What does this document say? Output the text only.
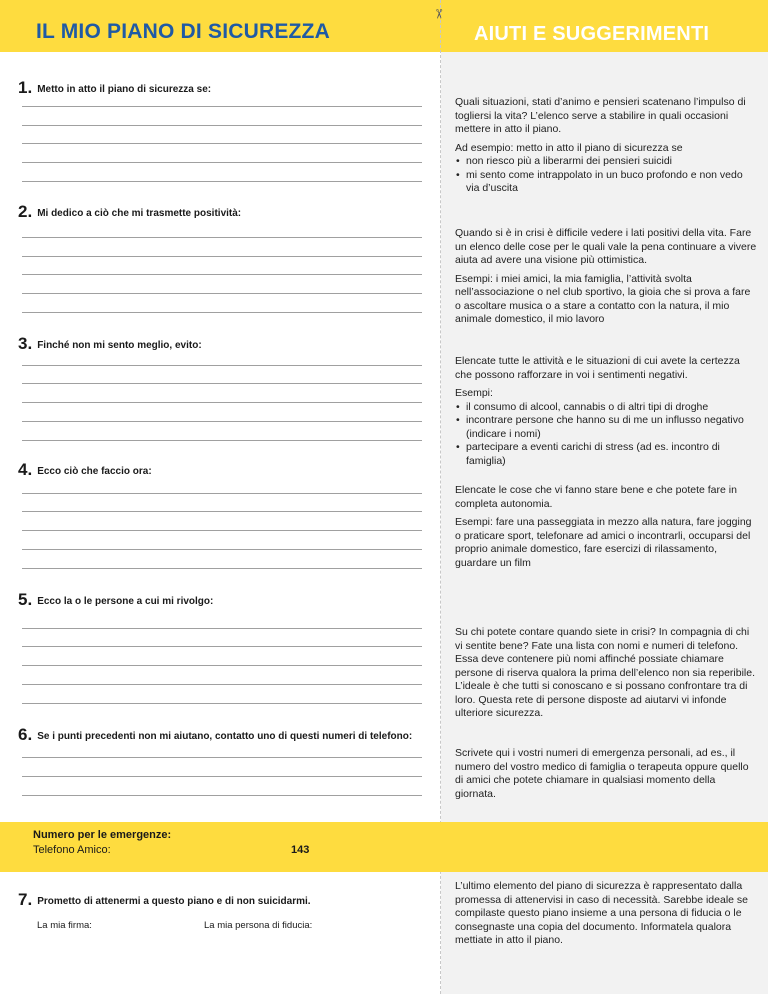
IL MIO PIANO DI SICUREZZA	AIUTI E SUGGERIMENTI
✂
1. Metto in atto il piano di sicurezza se:
2. Mi dedico a ciò che mi trasmette positività:
3. Finché non mi sento meglio, evito:
4. Ecco ciò che faccio ora:
5. Ecco la o le persone a cui mi rivolgo:
6. Se i punti precedenti non mi aiutano, contatto uno di questi numeri di telefono:
Numero per le emergenze:
Telefono Amico:	143
7. Prometto di attenermi a questo piano e di non suicidarmi.
La mia firma:	La mia persona di fiducia:

Quali situazioni, stati d’animo e pensieri scatenano l’impulso di togliersi la vita? L’elenco serve a stabilire in quali occasioni mettere in atto il piano.

Ad esempio: metto in atto il piano di sicurezza se

• non riesco più a liberarmi dei pensieri suicidi
• mi sento come intrappolato in un buco profondo e non vedo via d’uscita

Quando si è in crisi è difficile vedere i lati positivi della vita. Fare un elenco delle cose per le quali vale la pena continuare a vivere aiuta ad avere una visione più ottimistica.

Esempi: i miei amici, la mia famiglia, l’attività svolta nell’associazione o nel club sportivo, la gioia che si prova a fare o ascoltare musica o a stare a contatto con la natura, il mio animale domestico, il mio lavoro

Elencate tutte le attività e le situazioni di cui avete la certezza che possono rafforzare in voi i sentimenti negativi.

Esempi:

• il consumo di alcool, cannabis o di altri tipi di droghe
• incontrare persone che hanno su di me un influsso negativo (indicare i nomi)
• partecipare a eventi carichi di stress (ad es. incontro di famiglia)

Elencate le cose che vi fanno stare bene e che potete fare in completa autonomia.

Esempi: fare una passeggiata in mezzo alla natura, fare jogging o praticare sport, telefonare ad amici o incontrarli, occuparsi del proprio animale domestico, fare esercizi di rilassamento, guardare un film

Su chi potete contare quando siete in crisi? In compagnia di chi vi sentite bene? Fate una lista con nomi e numeri di telefono. Essa deve contenere più nomi affinché possiate chiamare persone di riserva qualora la prima dell’elenco non sia reperibile. L’ideale è che tutti si conoscano e si possano confrontare tra di loro. Questa rete di persone disposte ad aiutarvi vi infonde ulteriore sicurezza.

Scrivete qui i vostri numeri di emergenza personali, ad es., il numero del vostro medico di famiglia o terapeuta oppure quello di amici che potete chiamare in qualsiasi momento della giornata.

L’ultimo elemento del piano di sicurezza è rappresentato dalla promessa di attenervisi in caso di necessità. Sarebbe ideale se compilaste questo piano insieme a una persona di fiducia o le consegnaste una copia del documento. Informatela qualora mettiate in atto il piano.
